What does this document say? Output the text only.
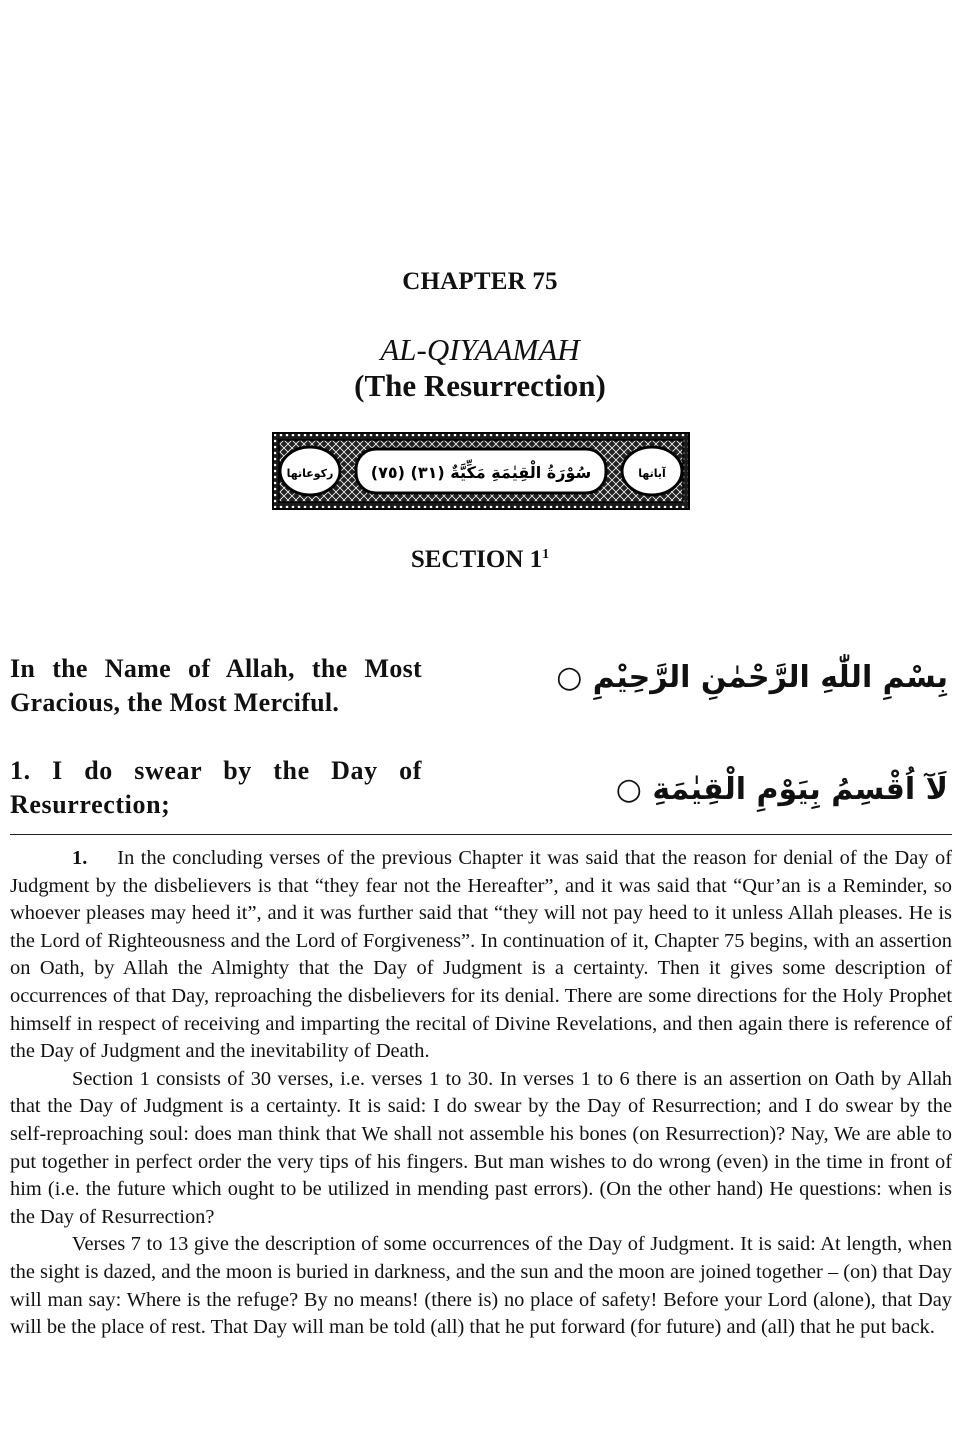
CHAPTER 75
AL-QIYAAMAH
(The Resurrection)
(٧٥) سُوْرَةُ الْقِيٰمَةِ مَكِّيَّةٌ (٣١)	آیاتها
رکوعاتها
SECTION $1^1$
In the Name of Allah, the Most Gracious, the Most Merciful.
بِسْمِ اللّٰهِ الرَّحْمٰنِ الرَّحِيْمِ ○
1. I do swear by the Day of Resurrection;	لَآ اُقْسِمُ بِيَوْمِ الْقِيٰمَةِ ○

1. In the concluding verses of the previous Chapter it was said that the reason for denial of the Day of Judgment by the disbelievers is that “they fear not the Hereafter”, and it was said that “Qur’an is a Reminder, so whoever pleases may heed it”, and it was further said that “they will not pay heed to it unless Allah pleases. He is the Lord of Righteousness and the Lord of Forgiveness”. In continuation of it, Chapter 75 begins, with an assertion on Oath, by Allah the Almighty that the Day of Judgment is a certainty. Then it gives some description of occurrences of that Day, reproaching the disbelievers for its denial. There are some directions for the Holy Prophet himself in respect of receiving and imparting the recital of Divine Revelations, and then again there is reference of the Day of Judgment and the inevitability of Death.

Section 1 consists of 30 verses, i.e. verses 1 to 30. In verses 1 to 6 there is an assertion on Oath by Allah that the Day of Judgment is a certainty. It is said: I do swear by the Day of Resurrection; and I do swear by the self-reproaching soul: does man think that We shall not assemble his bones (on Resurrection)? Nay, We are able to put together in perfect order the very tips of his fingers. But man wishes to do wrong (even) in the time in front of him (i.e. the future which ought to be utilized in mending past errors). (On the other hand) He questions: when is the Day of Resurrection?

Verses 7 to 13 give the description of some occurrences of the Day of Judgment. It is said: At length, when the sight is dazed, and the moon is buried in darkness, and the sun and the moon are joined together – (on) that Day will man say: Where is the refuge? By no means! (there is) no place of safety! Before your Lord (alone), that Day will be the place of rest. That Day will man be told (all) that he put forward (for future) and (all) that he put back.
